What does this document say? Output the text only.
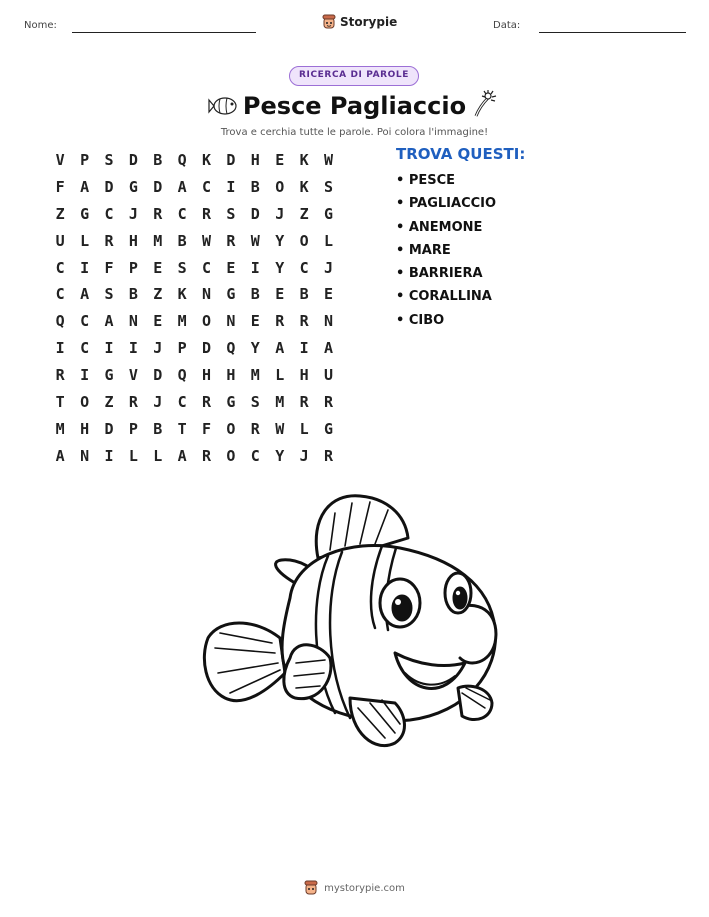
Nome:	Storypie	Data:
RICERCA DI PAROLE
Pesce Pagliaccio
Trova e cerchia tutte le parole. Poi colora l'immagine!
V	P	S	D	B	Q	K	D	H	E	K	W
F	A	D	G	D	A	C	I	B	O	K	S
Z	G	C	J	R	C	R	S	D	J	Z	G
U	L	R	H	M	B	W	R	W	Y	O	L
C	I	F	P	E	S	C	E	I	Y	C	J
C	A	S	B	Z	K	N	G	B	E	B	E
Q	C	A	N	E	M	O	N	E	R	R	N
I	C	I	I	J	P	D	Q	Y	A	I	A
R	I	G	V	D	Q	H	H	M	L	H	U
T	O	Z	R	J	C	R	G	S	M	R	R
M	H	D	P	B	T	F	O	R	W	L	G
A	N	I	L	L	A	R	O	C	Y	J	R
TROVA QUESTI:
• PESCE
• PAGLIACCIO
• ANEMONE
• MARE
• BARRIERA
• CORALLINA
• CIBO
mystorypie.com
